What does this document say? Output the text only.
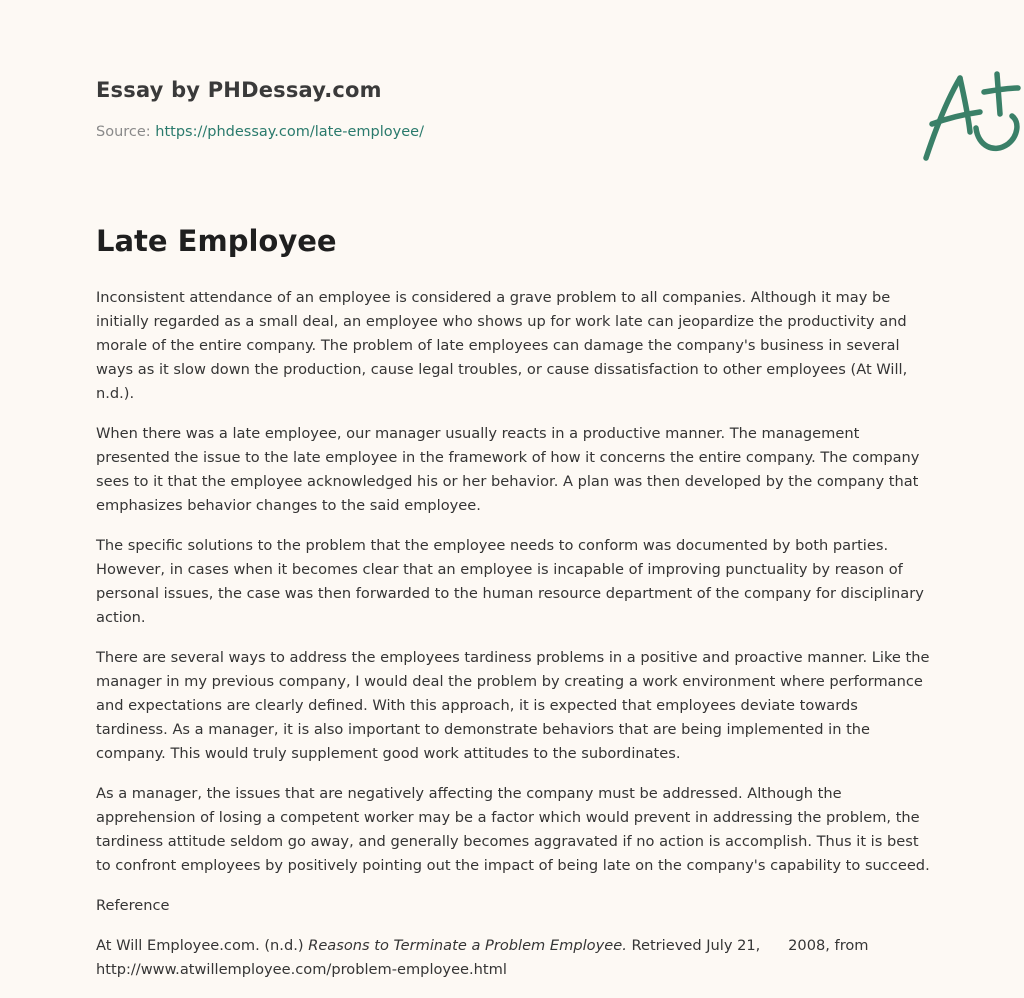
Essay by PHDessay.com
Source: https://phdessay.com/late-employee/
Late Employee

Inconsistent attendance of an employee is considered a grave problem to all companies. Although it may be initially regarded as a small deal, an employee who shows up for work late can jeopardize the productivity and morale of the entire company. The problem of late employees can damage the company's business in several ways as it slow down the production, cause legal troubles, or cause dissatisfaction to other employees (At Will, n.d.).

When there was a late employee, our manager usually reacts in a productive manner. The management presented the issue to the late employee in the framework of how it concerns the entire company. The company sees to it that the employee acknowledged his or her behavior. A plan was then developed by the company that emphasizes behavior changes to the said employee.

The specific solutions to the problem that the employee needs to conform was documented by both parties. However, in cases when it becomes clear that an employee is incapable of improving punctuality by reason of personal issues, the case was then forwarded to the human resource department of the company for disciplinary action.

There are several ways to address the employees tardiness problems in a positive and proactive manner. Like the manager in my previous company, I would deal the problem by creating a work environment where performance and expectations are clearly defined. With this approach, it is expected that employees deviate towards tardiness. As a manager, it is also important to demonstrate behaviors that are being implemented in the company. This would truly supplement good work attitudes to the subordinates.

As a manager, the issues that are negatively affecting the company must be addressed. Although the apprehension of losing a competent worker may be a factor which would prevent in addressing the problem, the tardiness attitude seldom go away, and generally becomes aggravated if no action is accomplish. Thus it is best to confront employees by positively pointing out the impact of being late on the company's capability to succeed.

Reference

At Will Employee.com. (n.d.) Reasons to Terminate a Problem Employee. Retrieved July 21,      2008, from http://www.atwillemployee.com/problem-employee.html
